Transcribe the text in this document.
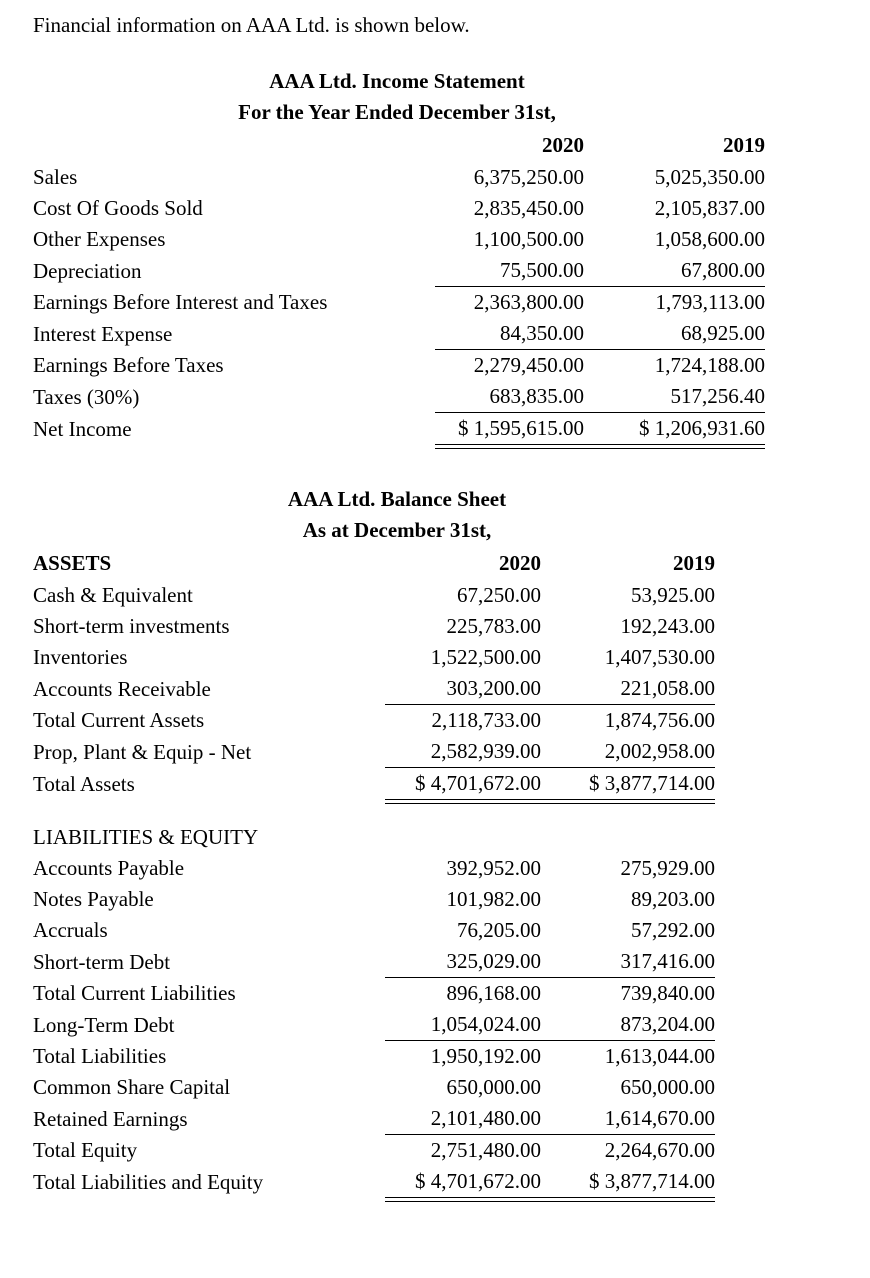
Financial information on AAA Ltd. is shown below.
AAA Ltd. Income Statement
For the Year Ended December 31st,
	2020	2019
Sales	6,375,250.00	5,025,350.00
Cost Of Goods Sold	2,835,450.00	2,105,837.00
Other Expenses	1,100,500.00	1,058,600.00
Depreciation	75,500.00	67,800.00
Earnings Before Interest and Taxes	2,363,800.00	1,793,113.00
Interest Expense	84,350.00	68,925.00
Earnings Before Taxes	2,279,450.00	1,724,188.00
Taxes (30%)	683,835.00	517,256.40
Net Income	$ 1,595,615.00	$ 1,206,931.60
AAA Ltd. Balance Sheet
As at December 31st,
ASSETS	2020	2019
Cash & Equivalent	67,250.00	53,925.00
Short-term investments	225,783.00	192,243.00
Inventories	1,522,500.00	1,407,530.00
Accounts Receivable	303,200.00	221,058.00
Total Current Assets	2,118,733.00	1,874,756.00
Prop, Plant & Equip - Net	2,582,939.00	2,002,958.00
Total Assets	$ 4,701,672.00	$ 3,877,714.00

LIABILITIES & EQUITY		
Accounts Payable	392,952.00	275,929.00
Notes Payable	101,982.00	89,203.00
Accruals	76,205.00	57,292.00
Short-term Debt	325,029.00	317,416.00
Total Current Liabilities	896,168.00	739,840.00
Long-Term Debt	1,054,024.00	873,204.00
Total Liabilities	1,950,192.00	1,613,044.00
Common Share Capital	650,000.00	650,000.00
Retained Earnings	2,101,480.00	1,614,670.00
Total Equity	2,751,480.00	2,264,670.00
Total Liabilities and Equity	$ 4,701,672.00	$ 3,877,714.00
